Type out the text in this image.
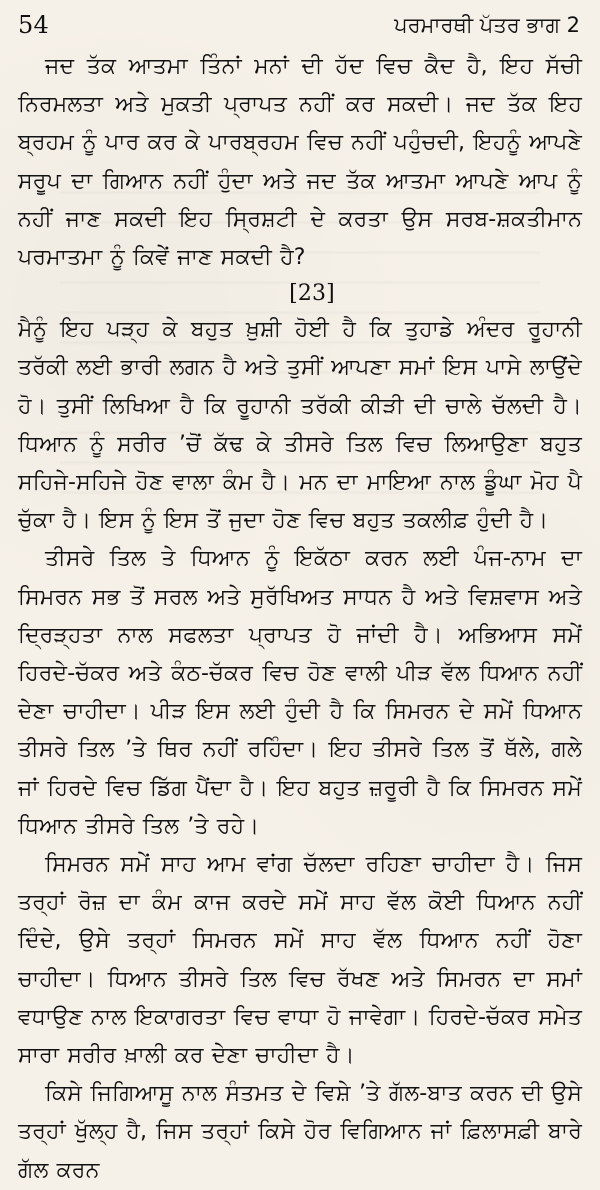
54	ਪਰਮਾਰਥੀ ਪੱਤਰ ਭਾਗ 2

ਜਦ ਤੱਕ ਆਤਮਾ ਤਿੰਨਾਂ ਮਨਾਂ ਦੀ ਹੱਦ ਵਿਚ ਕੈਦ ਹੈ, ਇਹ ਸੱਚੀ ਨਿਰਮਲਤਾ ਅਤੇ ਮੁਕਤੀ ਪ੍ਰਾਪਤ ਨਹੀਂ ਕਰ ਸਕਦੀ। ਜਦ ਤੱਕ ਇਹ ਬ੍ਰਹਮ ਨੂੰ ਪਾਰ ਕਰ ਕੇ ਪਾਰਬ੍ਰਹਮ ਵਿਚ ਨਹੀਂ ਪਹੁੰਚਦੀ, ਇਹਨੂੰ ਆਪਣੇ ਸਰੂਪ ਦਾ ਗਿਆਨ ਨਹੀਂ ਹੁੰਦਾ ਅਤੇ ਜਦ ਤੱਕ ਆਤਮਾ ਆਪਣੇ ਆਪ ਨੂੰ ਨਹੀਂ ਜਾਣ ਸਕਦੀ ਇਹ ਸ੍ਰਿਸ਼ਟੀ ਦੇ ਕਰਤਾ ਉਸ ਸਰਬ-ਸ਼ਕਤੀਮਾਨ ਪਰਮਾਤਮਾ ਨੂੰ ਕਿਵੇਂ ਜਾਣ ਸਕਦੀ ਹੈ?

[23]

ਮੈਨੂੰ ਇਹ ਪੜ੍ਹ ਕੇ ਬਹੁਤ ਖ਼ੁਸ਼ੀ ਹੋਈ ਹੈ ਕਿ ਤੁਹਾਡੇ ਅੰਦਰ ਰੂਹਾਨੀ ਤਰੱਕੀ ਲਈ ਭਾਰੀ ਲਗਨ ਹੈ ਅਤੇ ਤੁਸੀਂ ਆਪਣਾ ਸਮਾਂ ਇਸ ਪਾਸੇ ਲਾਉਂਦੇ ਹੋ। ਤੁਸੀਂ ਲਿਖਿਆ ਹੈ ਕਿ ਰੂਹਾਨੀ ਤਰੱਕੀ ਕੀੜੀ ਦੀ ਚਾਲੇ ਚੱਲਦੀ ਹੈ। ਧਿਆਨ ਨੂੰ ਸਰੀਰ ’ਚੋਂ ਕੱਢ ਕੇ ਤੀਸਰੇ ਤਿਲ ਵਿਚ ਲਿਆਉਣਾ ਬਹੁਤ ਸਹਿਜੇ-ਸਹਿਜੇ ਹੋਣ ਵਾਲਾ ਕੰਮ ਹੈ। ਮਨ ਦਾ ਮਾਇਆ ਨਾਲ ਡੂੰਘਾ ਮੋਹ ਪੈ ਚੁੱਕਾ ਹੈ। ਇਸ ਨੂੰ ਇਸ ਤੋਂ ਜੁਦਾ ਹੋਣ ਵਿਚ ਬਹੁਤ ਤਕਲੀਫ਼ ਹੁੰਦੀ ਹੈ।

ਤੀਸਰੇ ਤਿਲ ਤੇ ਧਿਆਨ ਨੂੰ ਇਕੱਠਾ ਕਰਨ ਲਈ ਪੰਜ-ਨਾਮ ਦਾ ਸਿਮਰਨ ਸਭ ਤੋਂ ਸਰਲ ਅਤੇ ਸੁਰੱਖਿਅਤ ਸਾਧਨ ਹੈ ਅਤੇ ਵਿਸ਼ਵਾਸ ਅਤੇ ਦ੍ਰਿੜ੍ਹਤਾ ਨਾਲ ਸਫਲਤਾ ਪ੍ਰਾਪਤ ਹੋ ਜਾਂਦੀ ਹੈ। ਅਭਿਆਸ ਸਮੇਂ ਹਿਰਦੇ-ਚੱਕਰ ਅਤੇ ਕੰਠ-ਚੱਕਰ ਵਿਚ ਹੋਣ ਵਾਲੀ ਪੀੜ ਵੱਲ ਧਿਆਨ ਨਹੀਂ ਦੇਣਾ ਚਾਹੀਦਾ। ਪੀੜ ਇਸ ਲਈ ਹੁੰਦੀ ਹੈ ਕਿ ਸਿਮਰਨ ਦੇ ਸਮੇਂ ਧਿਆਨ ਤੀਸਰੇ ਤਿਲ ’ਤੇ ਥਿਰ ਨਹੀਂ ਰਹਿੰਦਾ। ਇਹ ਤੀਸਰੇ ਤਿਲ ਤੋਂ ਥੱਲੇ, ਗਲੇ ਜਾਂ ਹਿਰਦੇ ਵਿਚ ਡਿੱਗ ਪੈਂਦਾ ਹੈ। ਇਹ ਬਹੁਤ ਜ਼ਰੂਰੀ ਹੈ ਕਿ ਸਿਮਰਨ ਸਮੇਂ ਧਿਆਨ ਤੀਸਰੇ ਤਿਲ ’ਤੇ ਰਹੇ।

ਸਿਮਰਨ ਸਮੇਂ ਸਾਹ ਆਮ ਵਾਂਗ ਚੱਲਦਾ ਰਹਿਣਾ ਚਾਹੀਦਾ ਹੈ। ਜਿਸ ਤਰ੍ਹਾਂ ਰੋਜ਼ ਦਾ ਕੰਮ ਕਾਜ ਕਰਦੇ ਸਮੇਂ ਸਾਹ ਵੱਲ ਕੋਈ ਧਿਆਨ ਨਹੀਂ ਦਿੰਦੇ, ਉਸੇ ਤਰ੍ਹਾਂ ਸਿਮਰਨ ਸਮੇਂ ਸਾਹ ਵੱਲ ਧਿਆਨ ਨਹੀਂ ਹੋਣਾ ਚਾਹੀਦਾ। ਧਿਆਨ ਤੀਸਰੇ ਤਿਲ ਵਿਚ ਰੱਖਣ ਅਤੇ ਸਿਮਰਨ ਦਾ ਸਮਾਂ ਵਧਾਉਣ ਨਾਲ ਇਕਾਗਰਤਾ ਵਿਚ ਵਾਧਾ ਹੋ ਜਾਵੇਗਾ। ਹਿਰਦੇ-ਚੱਕਰ ਸਮੇਤ ਸਾਰਾ ਸਰੀਰ ਖ਼ਾਲੀ ਕਰ ਦੇਣਾ ਚਾਹੀਦਾ ਹੈ।

ਕਿਸੇ ਜਿਗਿਆਸੂ ਨਾਲ ਸੰਤਮਤ ਦੇ ਵਿਸ਼ੇ ’ਤੇ ਗੱਲ-ਬਾਤ ਕਰਨ ਦੀ ਉਸੇ ਤਰ੍ਹਾਂ ਖੁੱਲ੍ਹ ਹੈ, ਜਿਸ ਤਰ੍ਹਾਂ ਕਿਸੇ ਹੋਰ ਵਿਗਿਆਨ ਜਾਂ ਫ਼ਿਲਾਸਫ਼ੀ ਬਾਰੇ ਗੱਲ ਕਰਨ
